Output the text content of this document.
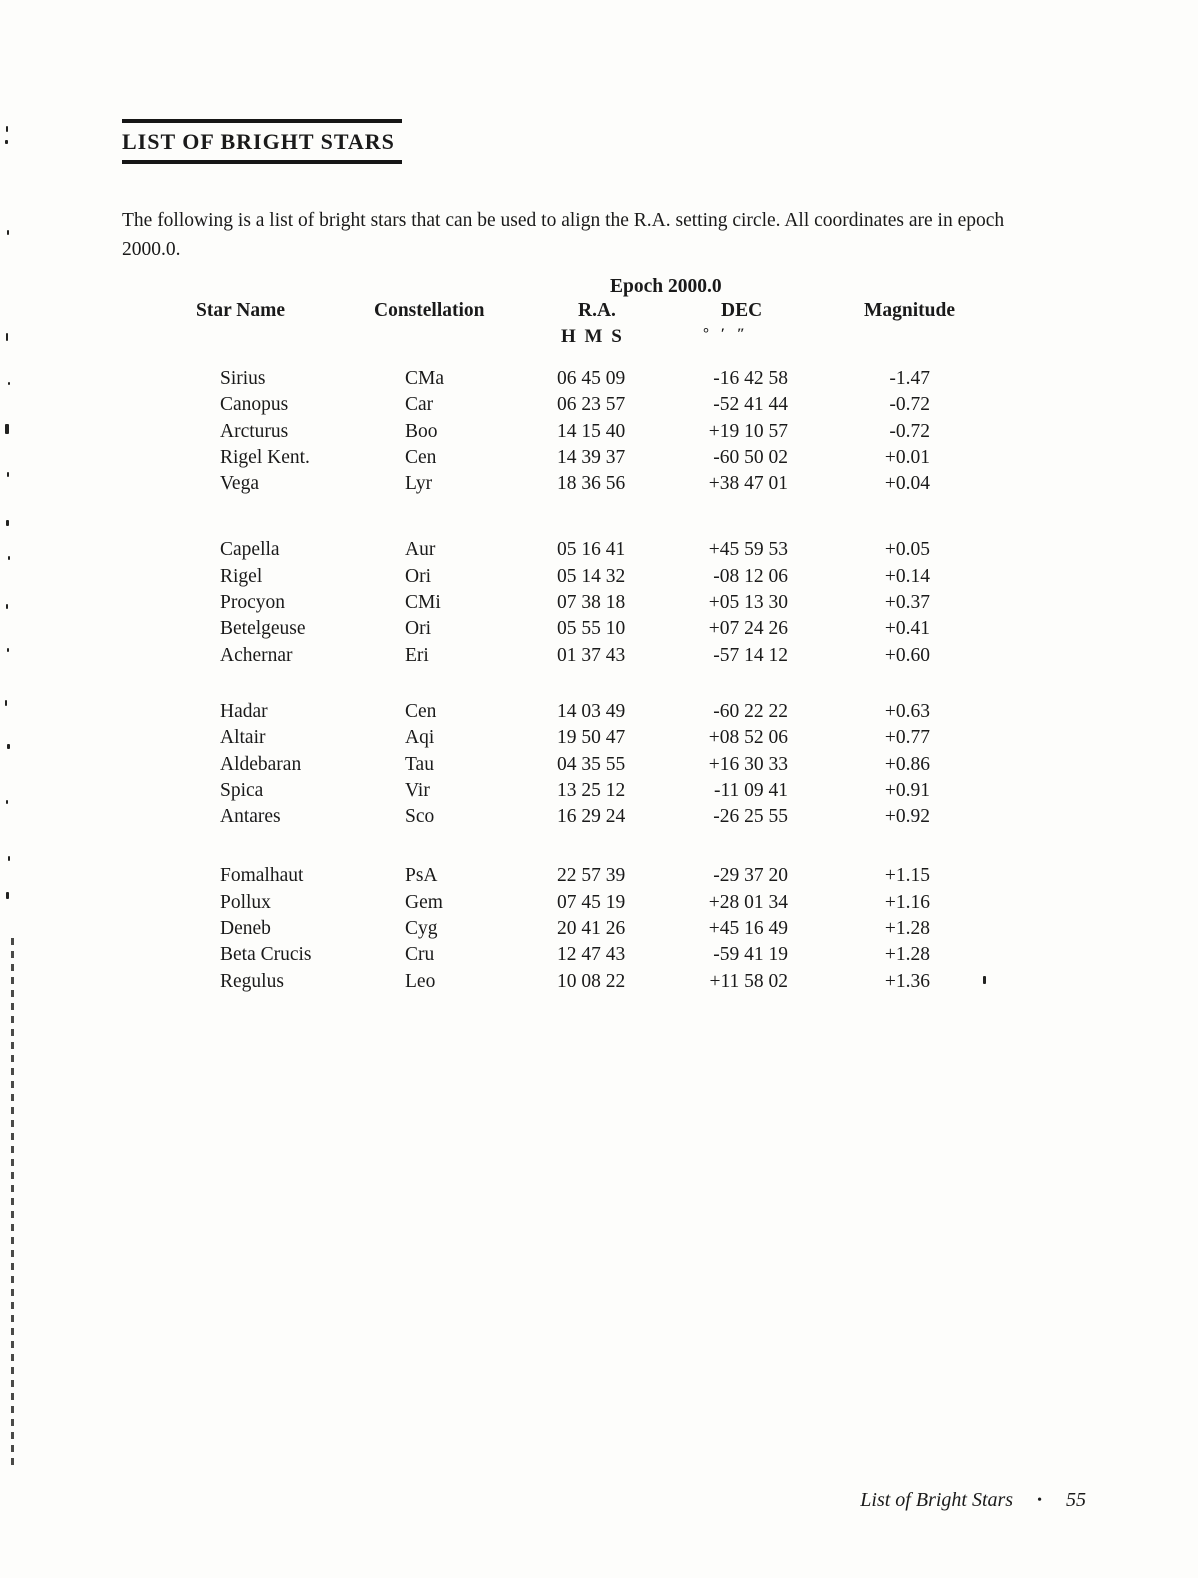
LIST OF BRIGHT STARS

The following is a list of bright stars that can be used to align the R.A. setting circle. All coordinates are in epoch 2000.0.

Epoch 2000.0
Star Name	Constellation	R.A.	DEC	Magnitude
H M S	° ′ ″
Sirius	CMa	06 45 09	-16 42 58	-1.47
Canopus	Car	06 23 57	-52 41 44	-0.72
Arcturus	Boo	14 15 40	+19 10 57	-0.72
Rigel Kent.	Cen	14 39 37	-60 50 02	+0.01
Vega	Lyr	18 36 56	+38 47 01	+0.04
Capella	Aur	05 16 41	+45 59 53	+0.05
Rigel	Ori	05 14 32	-08 12 06	+0.14
Procyon	CMi	07 38 18	+05 13 30	+0.37
Betelgeuse	Ori	05 55 10	+07 24 26	+0.41
Achernar	Eri	01 37 43	-57 14 12	+0.60
Hadar	Cen	14 03 49	-60 22 22	+0.63
Altair	Aqi	19 50 47	+08 52 06	+0.77
Aldebaran	Tau	04 35 55	+16 30 33	+0.86
Spica	Vir	13 25 12	-11 09 41	+0.91
Antares	Sco	16 29 24	-26 25 55	+0.92
Fomalhaut	PsA	22 57 39	-29 37 20	+1.15
Pollux	Gem	07 45 19	+28 01 34	+1.16
Deneb	Cyg	20 41 26	+45 16 49	+1.28
Beta Crucis	Cru	12 47 43	-59 41 19	+1.28
Regulus	Leo	10 08 22	+11 58 02	+1.36
List of Bright Stars • 55
